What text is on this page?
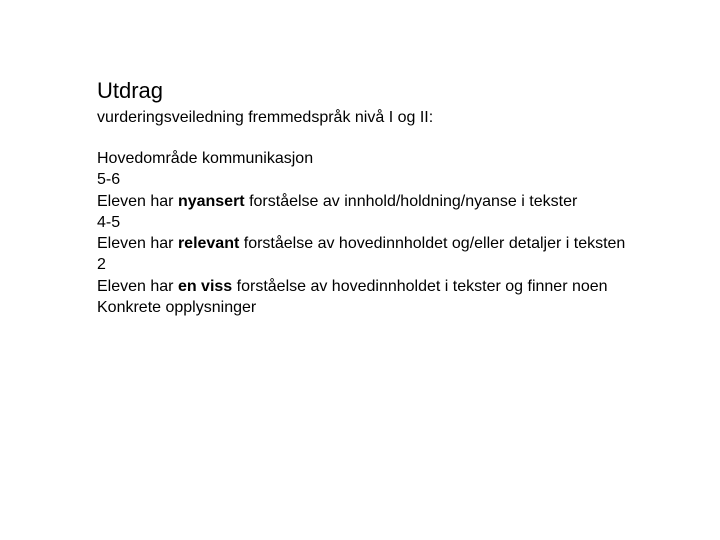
Utdrag
vurderingsveiledning fremmedspråk nivå I og II:
Hovedområde kommunikasjon
5-6
Eleven har nyansert forståelse av innhold/holdning/nyanse i tekster
4-5
Eleven har relevant forståelse av hovedinnholdet og/eller detaljer i teksten
2
Eleven har en viss forståelse av hovedinnholdet i tekster og finner noen
Konkrete opplysninger
